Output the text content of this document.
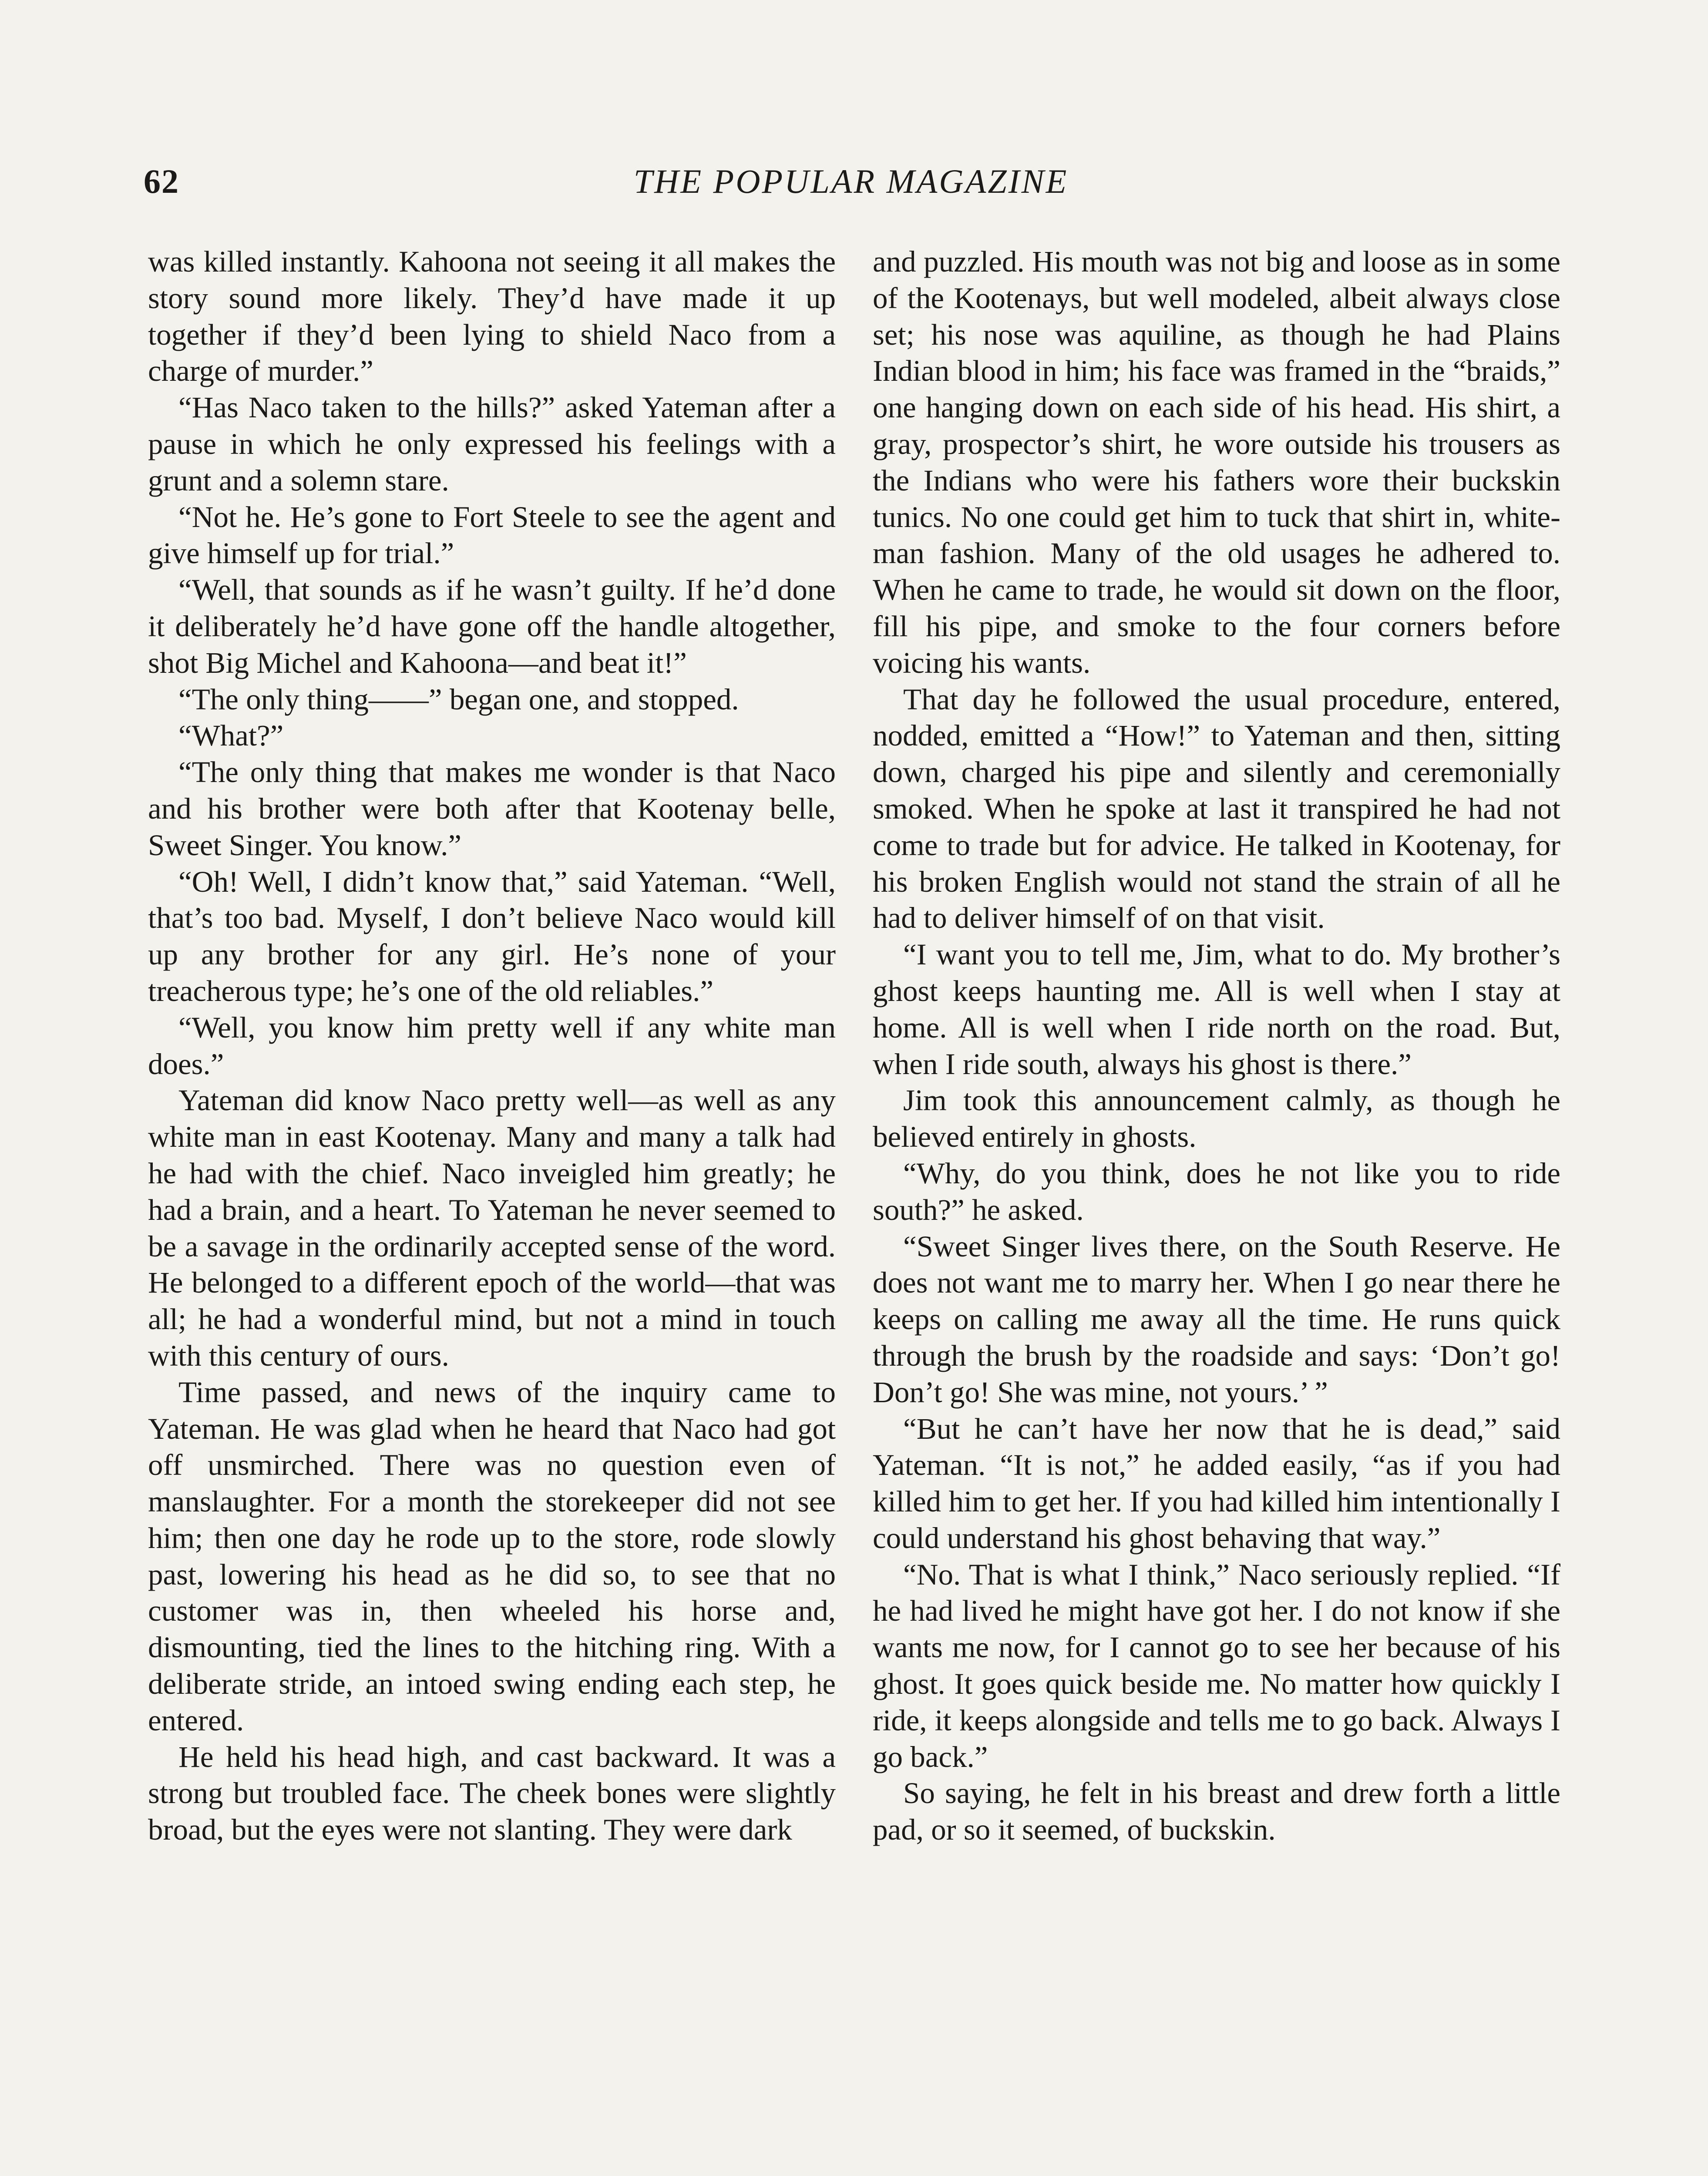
62	THE POPULAR MAGAZINE

was killed instantly. Kahoona not seeing it all makes the story sound more likely. They’d have made it up together if they’d been lying to shield Naco from a charge of murder.”

“Has Naco taken to the hills?” asked Yateman after a pause in which he only expressed his feelings with a grunt and a solemn stare.

“Not he. He’s gone to Fort Steele to see the agent and give himself up for trial.”

“Well, that sounds as if he wasn’t guilty. If he’d done it deliberately he’d have gone off the handle altogether, shot Big Michel and Kahoona—and beat it!”

“The only thing——” began one, and stopped.

“What?”

“The only thing that makes me wonder is that Naco and his brother were both after that Kootenay belle, Sweet Singer. You know.”

“Oh! Well, I didn’t know that,” said Yateman. “Well, that’s too bad. Myself, I don’t believe Naco would kill up any brother for any girl. He’s none of your treacherous type; he’s one of the old reliables.”

“Well, you know him pretty well if any white man does.”

Yateman did know Naco pretty well—as well as any white man in east Kootenay. Many and many a talk had he had with the chief. Naco inveigled him greatly; he had a brain, and a heart. To Yateman he never seemed to be a savage in the ordinarily accepted sense of the word. He belonged to a different epoch of the world—that was all; he had a wonderful mind, but not a mind in touch with this century of ours.

Time passed, and news of the inquiry came to Yateman. He was glad when he heard that Naco had got off unsmirched. There was no question even of manslaughter. For a month the storekeeper did not see him; then one day he rode up to the store, rode slowly past, lowering his head as he did so, to see that no customer was in, then wheeled his horse and, dismounting, tied the lines to the hitching ring. With a deliberate stride, an intoed swing ending each step, he entered.

He held his head high, and cast backward. It was a strong but troubled face. The cheek bones were slightly broad, but the eyes were not slanting. They were dark

and puzzled. His mouth was not big and loose as in some of the Kootenays, but well modeled, albeit always close set; his nose was aquiline, as though he had Plains Indian blood in him; his face was framed in the “braids,” one hanging down on each side of his head. His shirt, a gray, prospector’s shirt, he wore outside his trousers as the Indians who were his fathers wore their buckskin tunics. No one could get him to tuck that shirt in, white-man fashion. Many of the old usages he adhered to. When he came to trade, he would sit down on the floor, fill his pipe, and smoke to the four corners before voicing his wants.

That day he followed the usual procedure, entered, nodded, emitted a “How!” to Yateman and then, sitting down, charged his pipe and silently and ceremonially smoked. When he spoke at last it transpired he had not come to trade but for advice. He talked in Kootenay, for his broken English would not stand the strain of all he had to deliver himself of on that visit.

“I want you to tell me, Jim, what to do. My brother’s ghost keeps haunting me. All is well when I stay at home. All is well when I ride north on the road. But, when I ride south, always his ghost is there.”

Jim took this announcement calmly, as though he believed entirely in ghosts.

“Why, do you think, does he not like you to ride south?” he asked.

“Sweet Singer lives there, on the South Reserve. He does not want me to marry her. When I go near there he keeps on calling me away all the time. He runs quick through the brush by the roadside and says: ‘Don’t go! Don’t go! She was mine, not yours.’ ”

“But he can’t have her now that he is dead,” said Yateman. “It is not,” he added easily, “as if you had killed him to get her. If you had killed him intentionally I could understand his ghost behaving that way.”

“No. That is what I think,” Naco seriously replied. “If he had lived he might have got her. I do not know if she wants me now, for I cannot go to see her because of his ghost. It goes quick beside me. No matter how quickly I ride, it keeps alongside and tells me to go back. Always I go back.”

So saying, he felt in his breast and drew forth a little pad, or so it seemed, of buckskin.
